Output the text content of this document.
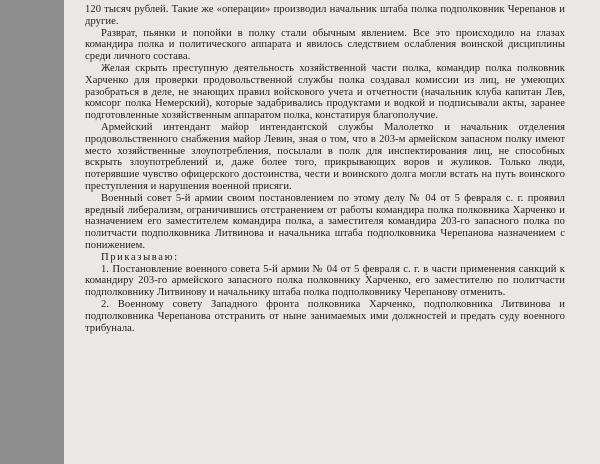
120 тысяч рублей. Такие же «операции» производил начальник штаба полка подполковник Черепанов и другие.

Разврат, пьянки и попойки в полку стали обычным явлением. Все это происходило на глазах командира полка и политического аппарата и явилось следствием ослабления воинской дисциплины среди личного состава.

Желая скрыть преступную деятельность хозяйственной части полка, командир полка полковник Харченко для проверки продовольственной службы полка создавал комиссии из лиц, не умеющих разобраться в деле, не знающих правил войскового учета и отчетности (начальник клуба капитан Лев, комсорг полка Немерский), которые задабривались продуктами и водкой и подписывали акты, заранее подготовленные хозяйственным аппаратом полка, констатируя благополучие.

Армейский интендант майор интендантской службы Малолетко и начальник отделения продовольственного снабжения майор Левин, зная о том, что в 203-м армейском запасном полку имеют место хозяйственные злоупотребления, посылали в полк для инспектирования лиц, не способных вскрыть злоупотреблений и, даже более того, прикрывающих воров и жуликов. Только люди, потерявшие чувство офицерского достоинства, чести и воинского долга могли встать на путь воинского преступления и нарушения военной присяги.

Военный совет 5-й армии своим постановлением по этому делу № 04 от 5 февраля с. г. проявил вредный либерализм, ограничившись отстранением от работы командира полка полковника Харченко и назначением его заместителем командира полка, а заместителя командира 203-го запасного полка по политчасти подполковника Литвинова и начальника штаба подполковника Черепанова назначением с понижением.

Приказываю:

1. Постановление военного совета 5-й армии № 04 от 5 февраля с. г. в части применения санкций к командиру 203-го армейского запасного полка полковнику Харченко, его заместителю по политчасти подполковнику Литвинову и начальнику штаба полка подполковнику Черепанову отменить.

2. Военному совету Западного фронта полковника Харченко, подполковника Литвинова и подполковника Черепанова отстранить от ныне занимаемых ими должностей и предать суду военного трибунала.
